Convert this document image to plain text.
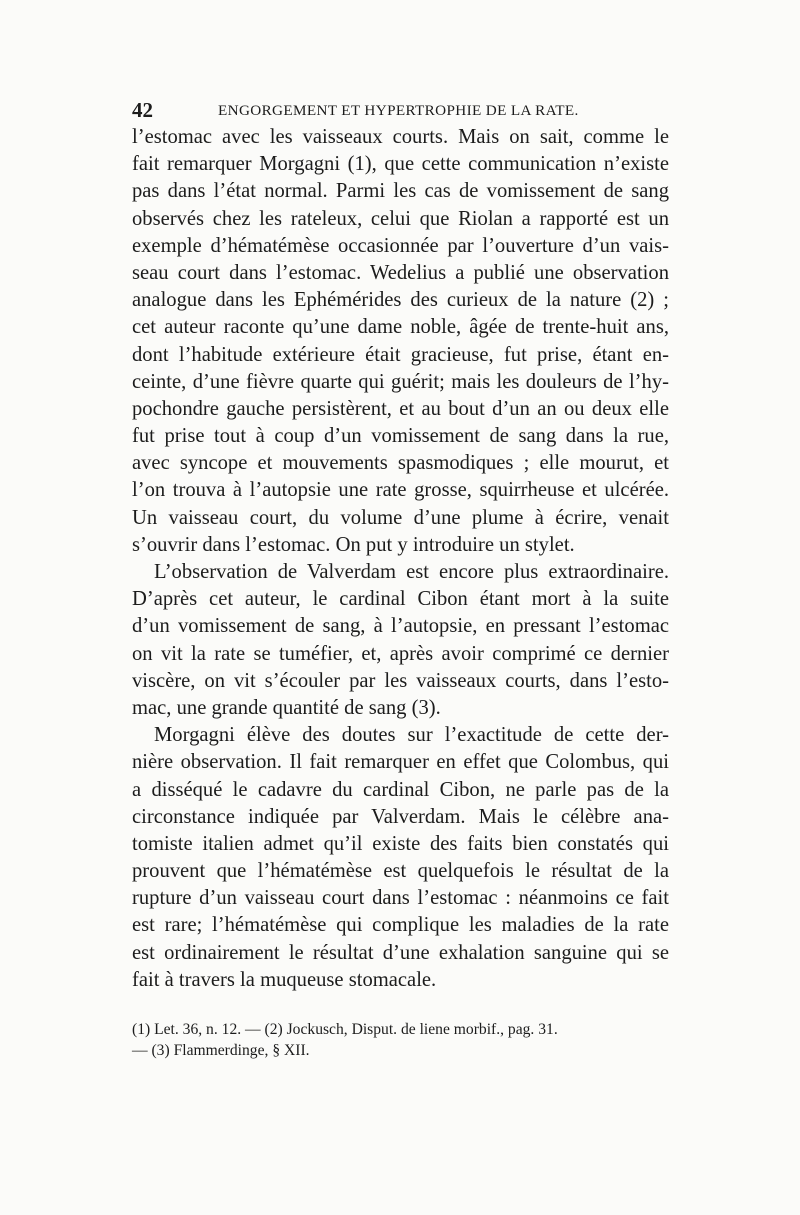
42	ENGORGEMENT ET HYPERTROPHIE DE LA RATE.
l’estomac avec les vaisseaux courts. Mais on sait, comme le
fait remarquer Morgagni (1), que cette communication n’existe
pas dans l’état normal. Parmi les cas de vomissement de sang
observés chez les rateleux, celui que Riolan a rapporté est un
exemple d’hématémèse occasionnée par l’ouverture d’un vais-
seau court dans l’estomac. Wedelius a publié une observation
analogue dans les Ephémérides des curieux de la nature (2) ;
cet auteur raconte qu’une dame noble, âgée de trente-huit ans,
dont l’habitude extérieure était gracieuse, fut prise, étant en-
ceinte, d’une fièvre quarte qui guérit; mais les douleurs de l’hy-
pochondre gauche persistèrent, et au bout d’un an ou deux elle
fut prise tout à coup d’un vomissement de sang dans la rue,
avec syncope et mouvements spasmodiques ; elle mourut, et
l’on trouva à l’autopsie une rate grosse, squirrheuse et ulcérée.
Un vaisseau court, du volume d’une plume à écrire, venait
s’ouvrir dans l’estomac. On put y introduire un stylet.
L’observation de Valverdam est encore plus extraordinaire.
D’après cet auteur, le cardinal Cibon étant mort à la suite
d’un vomissement de sang, à l’autopsie, en pressant l’estomac
on vit la rate se tuméfier, et, après avoir comprimé ce dernier
viscère, on vit s’écouler par les vaisseaux courts, dans l’esto-
mac, une grande quantité de sang (3).
Morgagni élève des doutes sur l’exactitude de cette der-
nière observation. Il fait remarquer en effet que Colombus, qui
a disséqué le cadavre du cardinal Cibon, ne parle pas de la
circonstance indiquée par Valverdam. Mais le célèbre ana-
tomiste italien admet qu’il existe des faits bien constatés qui
prouvent que l’hématémèse est quelquefois le résultat de la
rupture d’un vaisseau court dans l’estomac : néanmoins ce fait
est rare; l’hématémèse qui complique les maladies de la rate
est ordinairement le résultat d’une exhalation sanguine qui se
fait à travers la muqueuse stomacale.
(1) Let. 36, n. 12. — (2) Jockusch, Disput. de liene morbif., pag. 31.
— (3) Flammerdinge, § XII.
